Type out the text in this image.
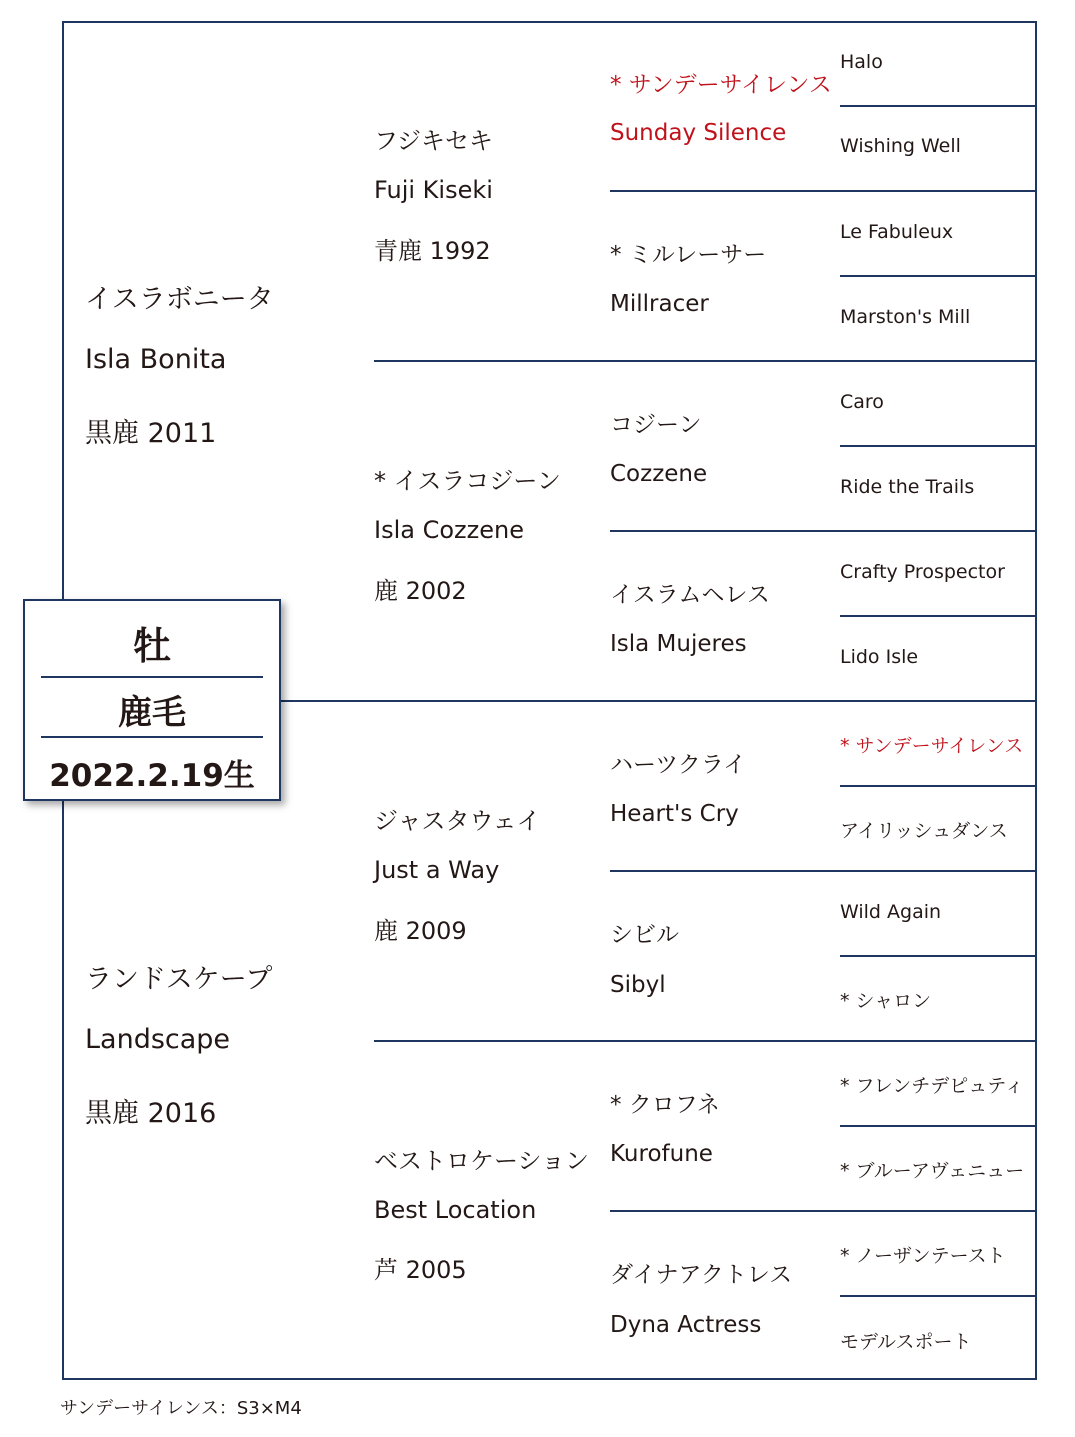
イスラボニータ
Isla Bonita
黒鹿 2011
ランドスケープ
Landscape
黒鹿 2016
フジキセキ
Fuji Kiseki
青鹿 1992
* イスラコジーン
Isla Cozzene
鹿 2002
ジャスタウェイ
Just a Way
鹿 2009
ベストロケーション
Best Location
芦 2005
* サンデーサイレンス
Sunday Silence
* ミルレーサー
Millracer
コジーン
Cozzene
イスラムヘレス
Isla Mujeres
ハーツクライ
Heart's Cry
シビル
Sibyl
* クロフネ
Kurofune
ダイナアクトレス
Dyna Actress
Halo
Wishing Well
Le Fabuleux
Marston's Mill
Caro
Ride the Trails
Crafty Prospector
Lido Isle
* サンデーサイレンス
アイリッシュダンス
Wild Again
* シャロン
* フレンチデピュティ
* ブルーアヴェニュー
* ノーザンテースト
モデルスポート
牡
鹿毛
2022.2.19生
サンデーサイレンス：S3×M4
